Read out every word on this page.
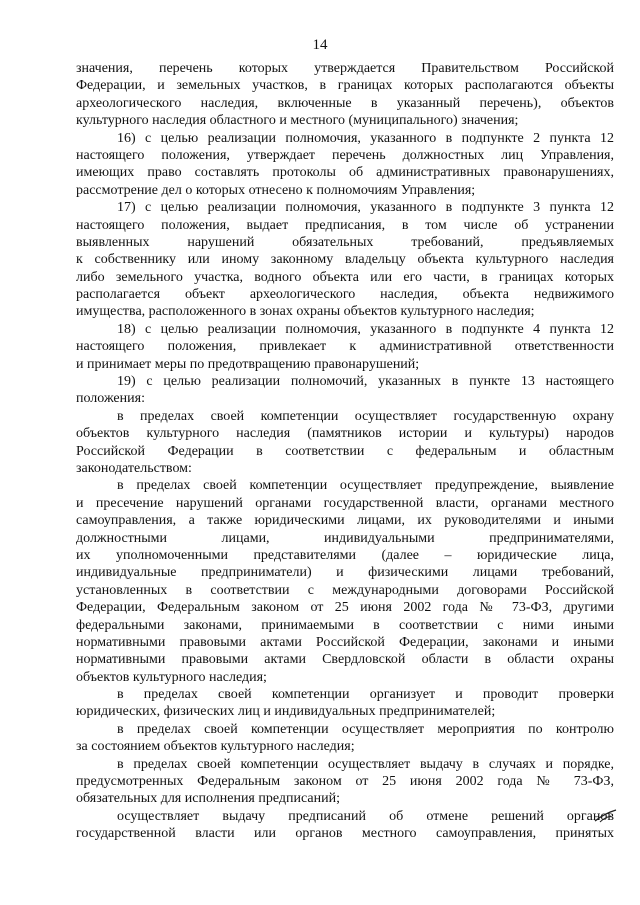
14
значения, перечень которых утверждается Правительством Российской
Федерации, и земельных участков, в границах которых располагаются объекты
археологического наследия, включенные в указанный перечень), объектов
культурного наследия областного и местного (муниципального) значения;
16) с целью реализации полномочия, указанного в подпункте 2 пункта 12
настоящего положения, утверждает перечень должностных лиц Управления,
имеющих право составлять протоколы об административных правонарушениях,
рассмотрение дел о которых отнесено к полномочиям Управления;
17) с целью реализации полномочия, указанного в подпункте 3 пункта 12
настоящего положения, выдает предписания, в том числе об устранении
выявленных нарушений обязательных требований, предъявляемых
к собственнику или иному законному владельцу объекта культурного наследия
либо земельного участка, водного объекта или его части, в границах которых
располагается объект археологического наследия, объекта недвижимого
имущества, расположенного в зонах охраны объектов культурного наследия;
18) с целью реализации полномочия, указанного в подпункте 4 пункта 12
настоящего положения, привлекает к административной ответственности
и принимает меры по предотвращению правонарушений;
19) с целью реализации полномочий, указанных в пункте 13 настоящего
положения:
в пределах своей компетенции осуществляет государственную охрану
объектов культурного наследия (памятников истории и культуры) народов
Российской Федерации в соответствии с федеральным и областным
законодательством:
в пределах своей компетенции осуществляет предупреждение, выявление
и пресечение нарушений органами государственной власти, органами местного
самоуправления, а также юридическими лицами, их руководителями и иными
должностными лицами, индивидуальными предпринимателями,
их уполномоченными представителями (далее – юридические лица,
индивидуальные предприниматели) и физическими лицами требований,
установленных в соответствии с международными договорами Российской
Федерации, Федеральным законом от 25 июня 2002 года № 73-ФЗ, другими
федеральными законами, принимаемыми в соответствии с ними иными
нормативными правовыми актами Российской Федерации, законами и иными
нормативными правовыми актами Свердловской области в области охраны
объектов культурного наследия;
в пределах своей компетенции организует и проводит проверки
юридических, физических лиц и индивидуальных предпринимателей;
в пределах своей компетенции осуществляет мероприятия по контролю
за состоянием объектов культурного наследия;
в пределах своей компетенции осуществляет выдачу в случаях и порядке,
предусмотренных Федеральным законом от 25 июня 2002 года № 73-ФЗ,
обязательных для исполнения предписаний;
осуществляет выдачу предписаний об отмене решений органов
государственной власти или органов местного самоуправления, принятых
